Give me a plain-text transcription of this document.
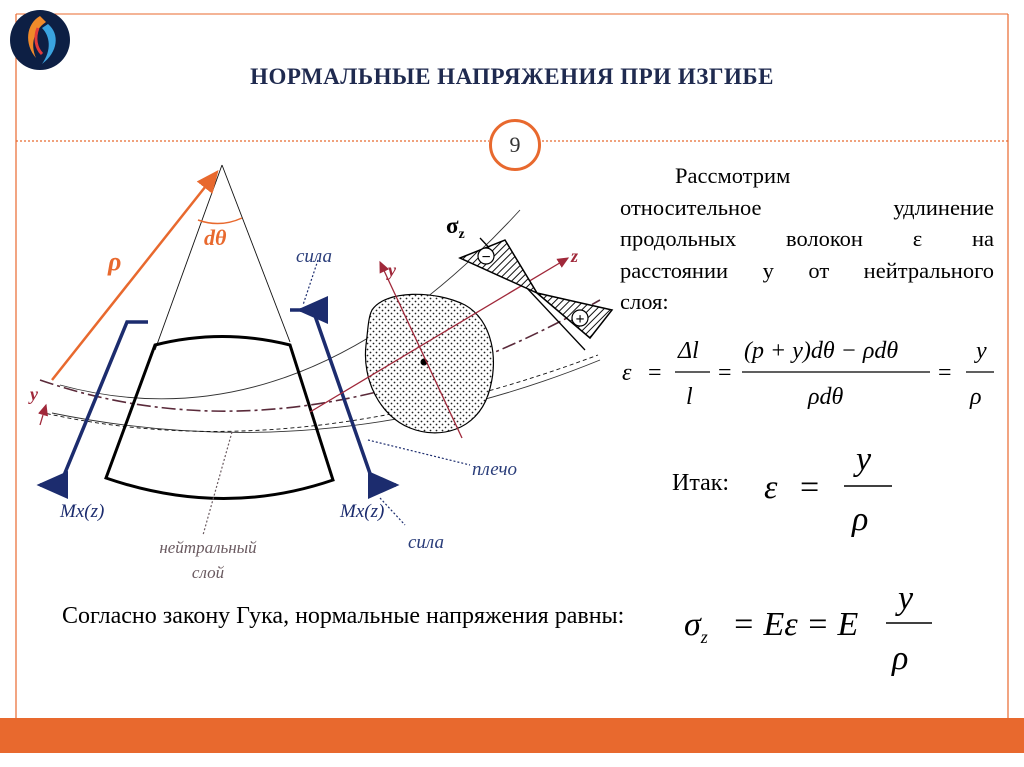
НОРМАЛЬНЫЕ НАПРЯЖЕНИЯ ПРИ ИЗГИБЕ
9
−
+
ρ
dθ	$\sigma_z$
y
z
y
сила
сила
плечо
Mx(z)	Mx(z)
нейтральный
слой
Рассмотрим
относительное удлинение
продольных волокон ε на
расстоянии y от нейтрального
слоя:
ε =
Δl
l
=
(p + y)dθ − ρdθ
ρdθ
=
y
ρ
Итак: ε =
y
ρ
Согласно закону Гука, нормальные напряжения равны:	$\sigma_z = E\varepsilon = E$
y
ρ
